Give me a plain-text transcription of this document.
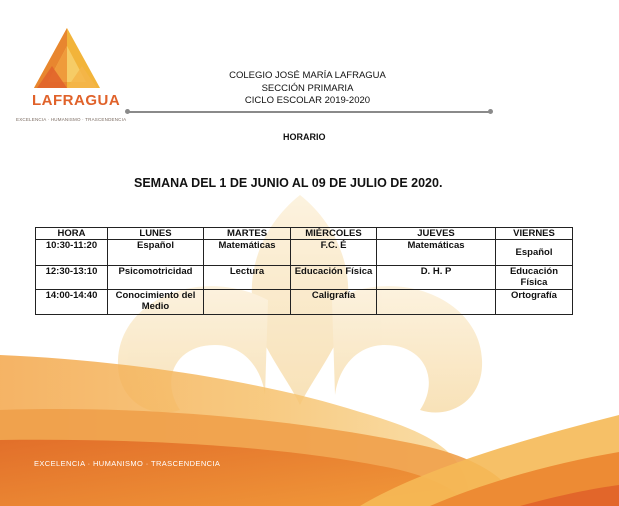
LAFRAGUA
EXCELENCIA · HUMANISMO · TRASCENDENCIA
COLEGIO JOSÉ MARÍA LAFRAGUA
SECCIÓN PRIMARIA
CICLO ESCOLAR 2019-2020
HORARIO
SEMANA DEL 1 DE JUNIO AL 09 DE JULIO DE 2020.
HORA	LUNES	MARTES	MIÉRCOLES	JUEVES	VIERNES
10:30-11:20	Español	Matemáticas	F.C. É	Matemáticas	Español
12:30-13:10	Psicomotricidad	Lectura	Educación Física	D. H. P	Educación Física
14:00-14:40	Conocimiento del Medio		Caligrafía		Ortografía
EXCELENCIA · HUMANISMO · TRASCENDENCIA
